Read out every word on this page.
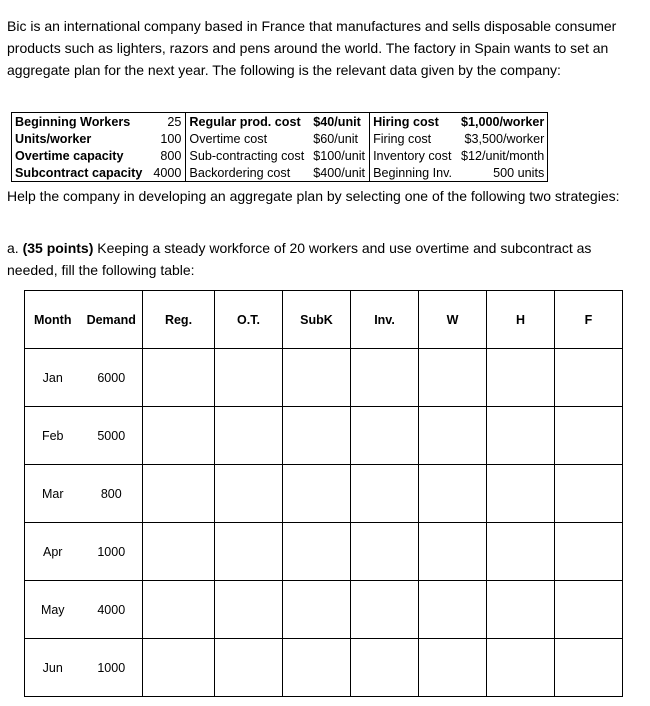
Bic is an international company based in France that manufactures and sells disposable consumer products such as lighters, razors and pens around the world. The factory in Spain wants to set an aggregate plan for the next year. The following is the relevant data given by the company:

Beginning Workers	25	Regular prod. cost	$40/unit	Hiring cost	$1,000/worker
Units/worker	100	Overtime cost	$60/unit	Firing cost	$3,500/worker
Overtime capacity	800	Sub-contracting cost	$100/unit	Inventory cost	$12/unit/month
Subcontract capacity	4000	Backordering cost	$400/unit	Beginning Inv.	500 units

Help the company in developing an aggregate plan by selecting one of the following two strategies:

a. (35 points) Keeping a steady workforce of 20 workers and use overtime and subcontract as needed, fill the following table:

Month	Demand	Reg.	O.T.	SubK	Inv.	W	H	F
Jan	6000							
Feb	5000							
Mar	800							
Apr	1000							
May	4000							
Jun	1000							
